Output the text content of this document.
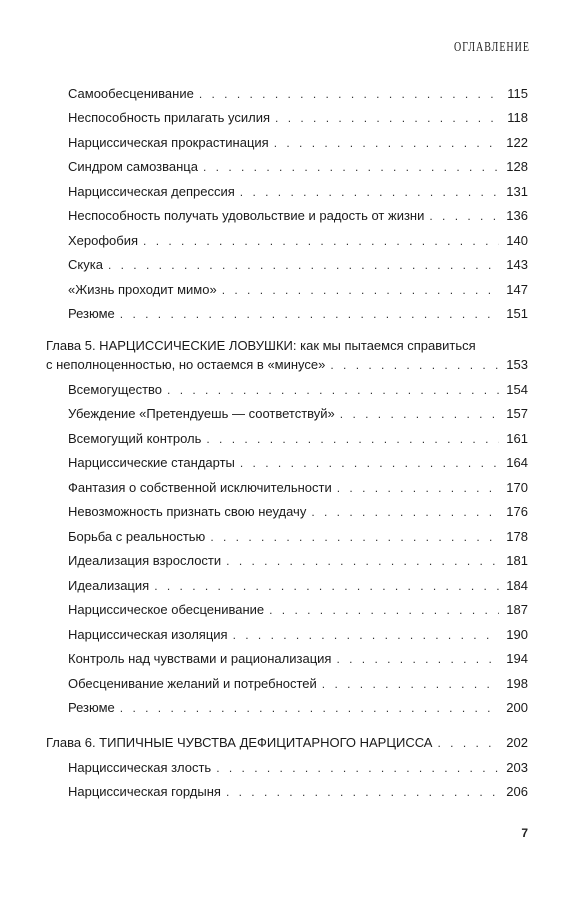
ОГЛАВЛЕНИЕ
Самообесценивание . . .	115
Неспособность прилагать усилия . . .	118
Нарциссическая прокрастинация . . .	122
Синдром самозванца . . .	128
Нарциссическая депрессия . . .	131
Неспособность получать удовольствие и радость от жизни . . .	136
Херофобия . . .	140
Скука . . .	143
«Жизнь проходит мимо» . . .	147
Резюме . . .	151
Глава 5. НАРЦИССИЧЕСКИЕ ЛОВУШКИ: как мы пытаемся справиться
с неполноценностью, но остаемся в «минусе» . . .	153
Всемогущество . . .	154
Убеждение «Претендуешь — соответствуй» . . .	157
Всемогущий контроль . . .	161
Нарциссические стандарты . . .	164
Фантазия о собственной исключительности . . .	170
Невозможность признать свою неудачу . . .	176
Борьба с реальностью . . .	178
Идеализация взрослости . . .	181
Идеализация . . .	184
Нарциссическое обесценивание . . .	187
Нарциссическая изоляция . . .	190
Контроль над чувствами и рационализация . . .	194
Обесценивание желаний и потребностей . . .	198
Резюме . . .	200
Глава 6. ТИПИЧНЫЕ ЧУВСТВА ДЕФИЦИТАРНОГО НАРЦИССА . . .	202
Нарциссическая злость . . .	203
Нарциссическая гордыня . . .	206
7
